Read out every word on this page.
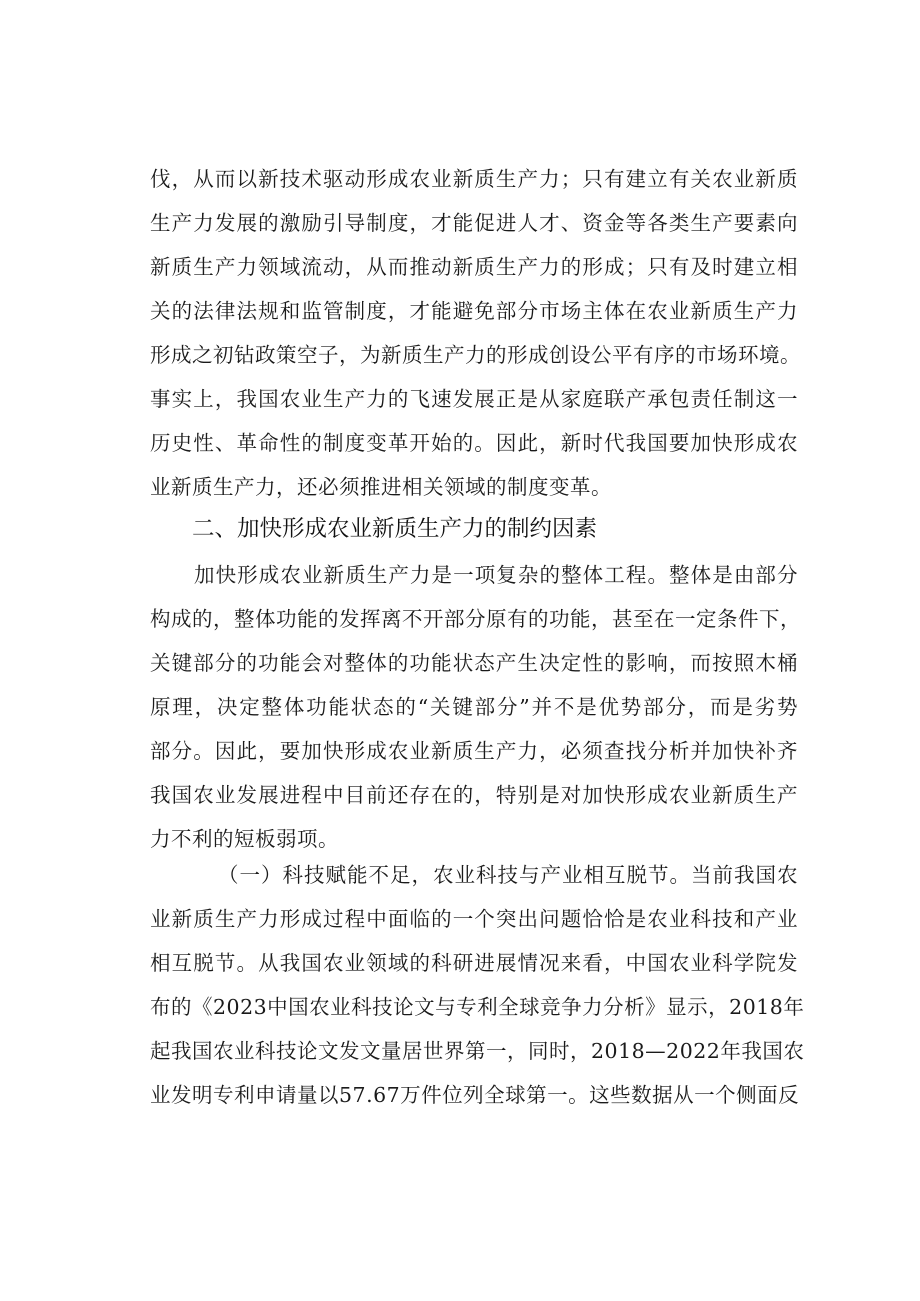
伐，从而以新技术驱动形成农业新质生产力；只有建立有关农业新质
生产力发展的激励引导制度，才能促进人才、资金等各类生产要素向
新质生产力领域流动，从而推动新质生产力的形成；只有及时建立相
关的法律法规和监管制度，才能避免部分市场主体在农业新质生产力
形成之初钻政策空子，为新质生产力的形成创设公平有序的市场环境。
事实上，我国农业生产力的飞速发展正是从家庭联产承包责任制这一
历史性、革命性的制度变革开始的。因此，新时代我国要加快形成农
业新质生产力，还必须推进相关领域的制度变革。
二、加快形成农业新质生产力的制约因素
加快形成农业新质生产力是一项复杂的整体工程。整体是由部分
构成的，整体功能的发挥离不开部分原有的功能，甚至在一定条件下，
关键部分的功能会对整体的功能状态产生决定性的影响，而按照木桶
原理，决定整体功能状态的“关键部分”并不是优势部分，而是劣势
部分。因此，要加快形成农业新质生产力，必须查找分析并加快补齐
我国农业发展进程中目前还存在的，特别是对加快形成农业新质生产
力不利的短板弱项。
（一）科技赋能不足，农业科技与产业相互脱节。当前我国农
业新质生产力形成过程中面临的一个突出问题恰恰是农业科技和产业
相互脱节。从我国农业领域的科研进展情况来看，中国农业科学院发
布的《2023中国农业科技论文与专利全球竞争力分析》显示，2018年
起我国农业科技论文发文量居世界第一，同时，2018—2022年我国农
业发明专利申请量以57.67万件位列全球第一。这些数据从一个侧面反
